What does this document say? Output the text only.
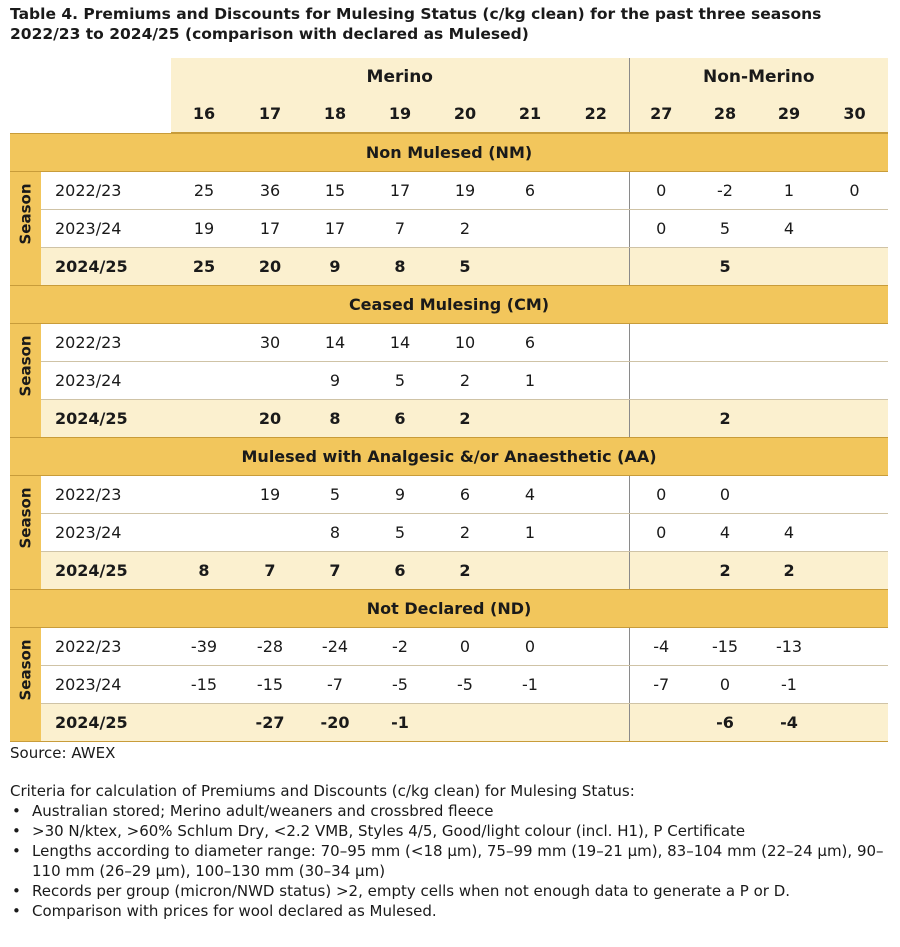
Table 4. Premiums and Discounts for Mulesing Status (c/kg clean) for the past three seasons 2022/23 to 2024/25 (comparison with declared as Mulesed)
		Merino							Non-Merino			
		16	17	18	19	20	21	22	27	28	29	30
Non Mulesed (NM)												

Season	2022/23	25	36	15	17	19	6		0	-2	1	0
	2023/24	19	17	17	7	2			0	5	4	
	2024/25	25	20	9	8	5				5		
Ceased Mulesing (CM)												

Season	2022/23		30	14	14	10	6					
	2023/24			9	5	2	1					
	2024/25		20	8	6	2				2		
Mulesed with Analgesic &/or Anaesthetic (AA)												

Season	2022/23		19	5	9	6	4		0	0		
	2023/24			8	5	2	1		0	4	4	
	2024/25	8	7	7	6	2				2	2	
Not Declared (ND)												

Season	2022/23	-39	-28	-24	-2	0	0		-4	-15	-13	
	2023/24	-15	-15	-7	-5	-5	-1		-7	0	-1	
	2024/25		-27	-20	-1					-6	-4	
Source: AWEX
Criteria for calculation of Premiums and Discounts (c/kg clean) for Mulesing Status:
• Australian stored; Merino adult/weaners and crossbred fleece
• >30 N/ktex, >60% Schlum Dry, <2.2 VMB, Styles 4/5, Good/light colour (incl. H1), P Certificate
• Lengths according to diameter range: 70–95 mm (<18 µm), 75–99 mm (19–21 µm), 83–104 mm (22–24 µm), 90–110 mm (26–29 µm), 100–130 mm (30–34 µm)
• Records per group (micron/NWD status) >2, empty cells when not enough data to generate a P or D.
• Comparison with prices for wool declared as Mulesed.
